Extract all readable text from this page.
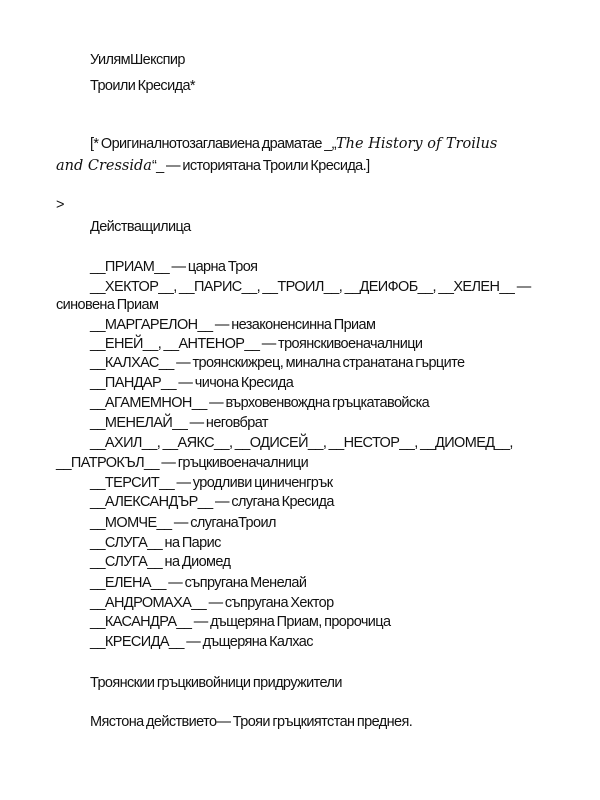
УилямШекспир
Троили Кресида*
[* Оригиналнотозаглавиена драматае _„The History of Troilus
and Cressida“_ — историятана Троили Кресида.]
>
Действащилица
__ПРИАМ__ — царна Троя
__ХЕКТОР__, __ПАРИС__, __ТРОИЛ__, __ДЕИФОБ__, __ХЕЛЕН__ —
синовена Приам
__МАРГАРЕЛОН__ — незаконенсинна Приам
__ЕНЕЙ__, __АНТЕНОР__ — троянскивоеначалници
__КАЛХАС__ — троянскижрец, минална странатана гърците
__ПАНДАР__ — чичона Кресида
__АГАМЕМНОН__ — върховенвождна гръцкатавойска
__МЕНЕЛАЙ__ — неговбрат
__АХИЛ__, __АЯКС__, __ОДИСЕЙ__, __НЕСТОР__, __ДИОМЕД__,
__ПАТРОКЪЛ__ — гръцкивоеначалници
__ТЕРСИТ__ — уродливи циниченгрък
__АЛЕКСАНДЪР__ — слугана Кресида
__МОМЧЕ__ — слуганаТроил
__СЛУГА__ на Парис
__СЛУГА__ на Диомед
__ЕЛЕНА__ — съпругана Менелай
__АНДРОМАХА__ — съпругана Хектор
__КАСАНДРА__ — дъщеряна Приам, пророчица
__КРЕСИДА__ — дъщеряна Калхас
Троянскии гръцкивойници придружители
Мястона действието— Трояи гръцкиятстан преднея.
